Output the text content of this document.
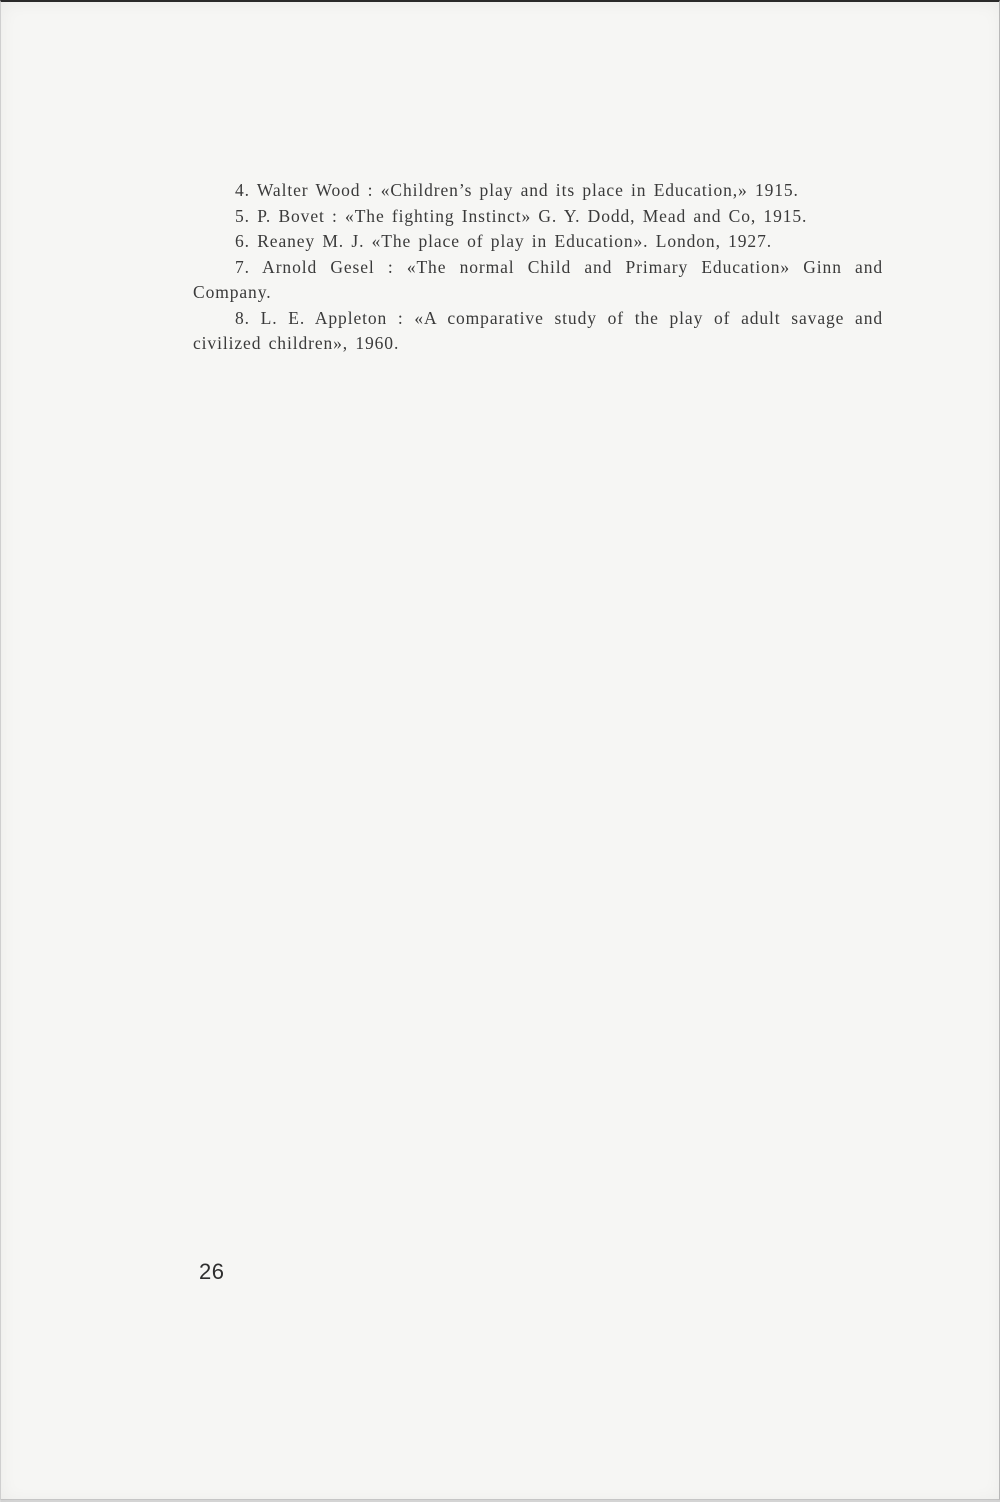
4. Walter Wood : «Children’s play and its place in Education,» 1915.

5. P. Bovet : «The fighting Instinct» G. Y. Dodd, Mead and Co, 1915.

6. Reaney M. J. «The place of play in Education». London, 1927.

7. Arnold Gesel : «The normal Child and Primary Education» Ginn and Company.

8. L. E. Appleton : «A comparative study of the play of adult savage and civilized children», 1960.

26
